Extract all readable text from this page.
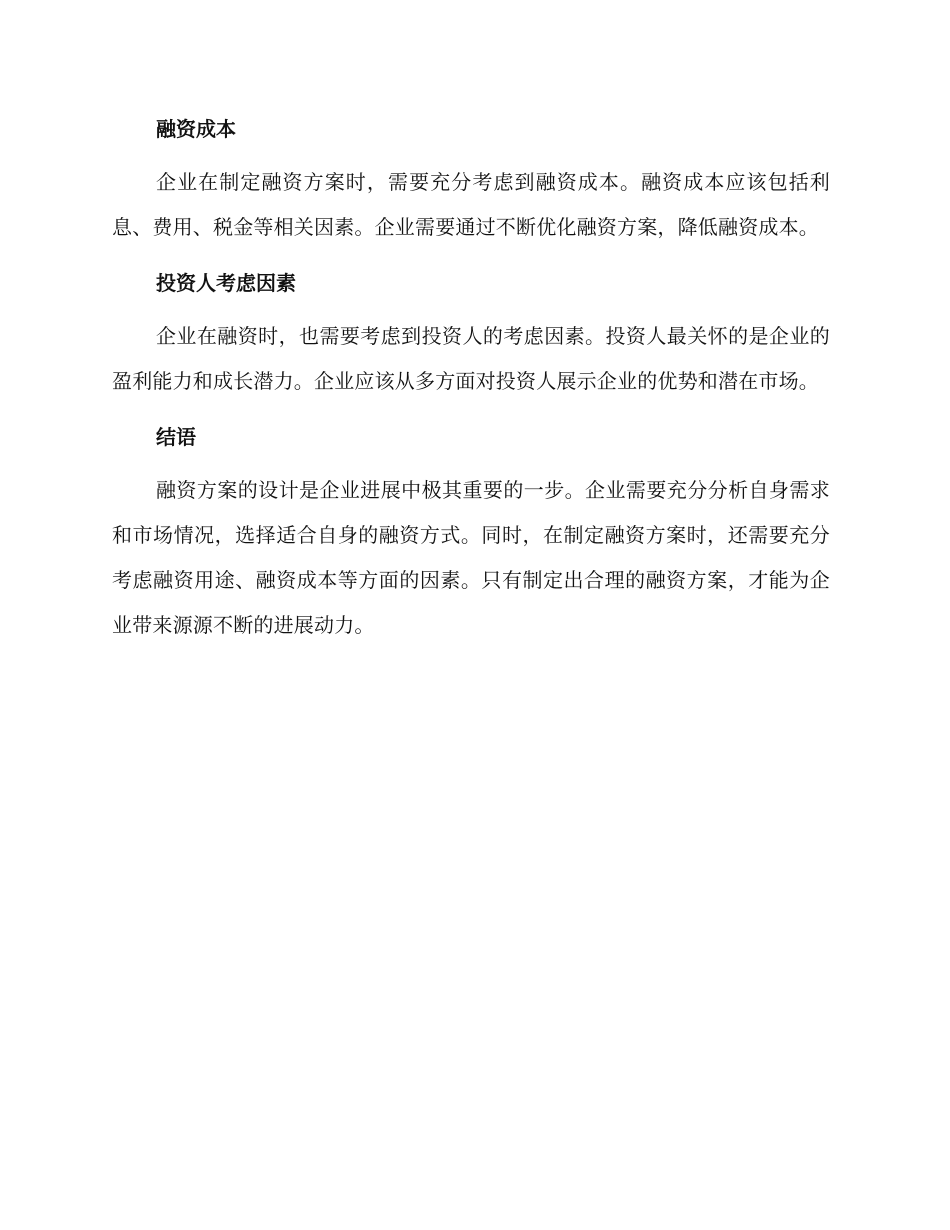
融资成本

企业在制定融资方案时，需要充分考虑到融资成本。融资成本应该包括利息、费用、税金等相关因素。企业需要通过不断优化融资方案，降低融资成本。

投资人考虑因素

企业在融资时，也需要考虑到投资人的考虑因素。投资人最关怀的是企业的盈利能力和成长潜力。企业应该从多方面对投资人展示企业的优势和潜在市场。

结语

融资方案的设计是企业进展中极其重要的一步。企业需要充分分析自身需求和市场情况，选择适合自身的融资方式。同时，在制定融资方案时，还需要充分考虑融资用途、融资成本等方面的因素。只有制定出合理的融资方案，才能为企业带来源源不断的进展动力。
